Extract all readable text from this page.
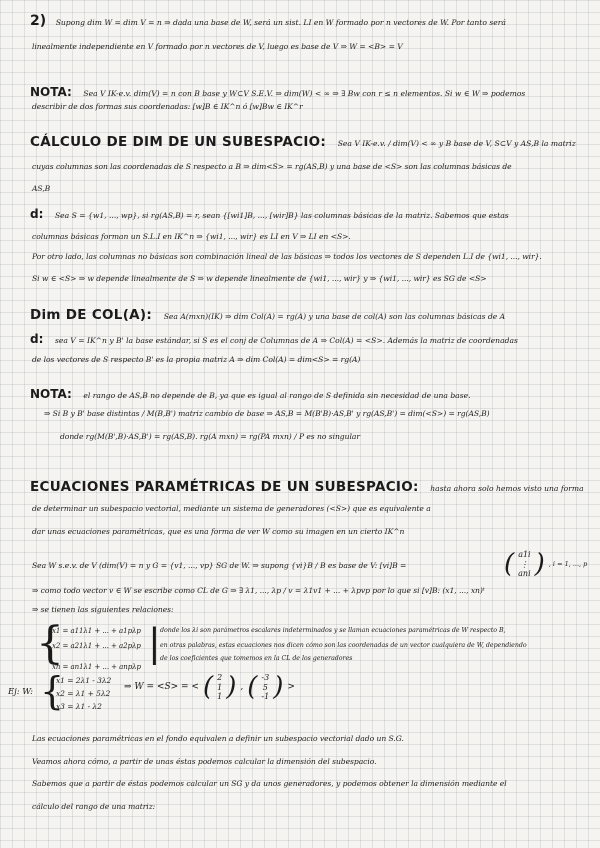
2) Supong dim W = dim V = n ⇒ dada una base de W, será un sist. LI en W formado por n vectores de W. Por tanto será
linealmente independiente en V formado por n vectores de V, luego es base de V ⇒ W = <B> = V
NOTA: Sea V IK-e.v. dim(V) = n con B base y W⊂V S.E.V. ⇒ dim(W) < ∞ ⇒ ∃ Bw con r ≤ n elementos. Si w ∈ W ⇒ podemos
describir de dos formas sus coordenadas: [w]B ∈ IK^n ó [w]Bw ∈ IK^r
CÁLCULO DE DIM DE UN SUBESPACIO: Sea V IK-e.v. / dim(V) < ∞ y B base de V, S⊂V y AS,B la matriz
cuyas columnas son las coordenadas de S respecto a B ⇒ dim<S> = rg(AS,B) y una base de <S> son las columnas básicas de
AS,B
d: Sea S = {w1, ..., wp}, si rg(AS,B) = r, sean {[wi1]B, ..., [wir]B} las columnas básicas de la matriz. Sabemos que estas
columnas básicas forman un S.L.I en IK^n ⇒ {wi1, ..., wir} es LI en V ⇒ LI en <S>.
Por otro lado, las columnas no básicas son combinación lineal de las básicas ⇒ todos los vectores de S dependen L.I de {wi1, ..., wir}.
Si w ∈ <S> ⇒ w depende linealmente de S ⇒ w depende linealmente de {wi1, ..., wir} y ⇒ {wi1, ..., wir} es SG de <S>
Dim DE COL(A): Sea A(mxn)(IK) ⇒ dim Col(A) = rg(A) y una base de col(A) son las columnas básicas de A
d: sea V = IK^n y B' la base estándar, si S es el conj de Columnas de A ⇒ Col(A) = <S>. Además la matriz de coordenadas
de los vectores de S respecto B' es la propia matriz A ⇒ dim Col(A) = dim<S> = rg(A)
NOTA: el rango de AS,B no depende de B, ya que es igual al rango de S definida sin necesidad de una base.
⇒ Si B y B' base distintas / M(B,B') matriz cambio de base ⇒ AS,B = M(B'B)·AS,B' y rg(AS,B') = dim(<S>) = rg(AS,B)
donde rg(M(B',B)·AS,B') = rg(AS,B). rg(A mxn) = rg(PA mxn) / P es no singular
ECUACIONES PARAMÉTRICAS DE UN SUBESPACIO: hasta ahora solo hemos visto una forma
de determinar un subespacio vectorial, mediante un sistema de generadores (<S>) que es equivalente a
dar unas ecuaciones paramétricas, que es una forma de ver W como su imagen en un cierto IK^n
Sea W s.e.v. de V (dim(V) = n y G = {v1, ..., vp} SG de W. ⇒ supong {vi}B / B es base de V: [vi]B =	( a1i
⋮
ani ) , i = 1, ..., p
⇒ como todo vector v ∈ W se escribe como CL de G ⇒ ∃ λ1, ..., λp / v = λ1v1 + ... + λpvp por lo que si [v]B: (x1, ..., xn)ᵗ
⇒ se tienen las siguientes relaciones:
{
x1 = a11λ1 + ... + a1pλp
x2 = a21λ1 + ... + a2pλp
xn = an1λ1 + ... + anpλp
| donde los λi son parámetros escalares indeterminados y se llaman ecuaciones paramétricas de W respecto B,
en otras palabras, estas ecuaciones nos dicen cómo son las coordenadas de un vector cualquiera de W, dependiendo
de los coeficientes que tomemos en la CL de los generadores
Ej: W: {
x1 = 2λ1 - 3λ2
x2 = λ1 + 5λ2
x3 = λ1 - λ2
⇒ W = <S> = < ( 2
1
1 ) , ( -3
5
-1 ) >
Las ecuaciones paramétricas en el fondo equivalen a definir un subespacio vectorial dado un S.G.
Veamos ahora cómo, a partir de unas éstas podemos calcular la dimensión del subespacio.
Sabemos que a partir de éstas podemos calcular un SG y da unos generadores, y podemos obtener la dimensión mediante el
cálculo del rango de una matriz:
